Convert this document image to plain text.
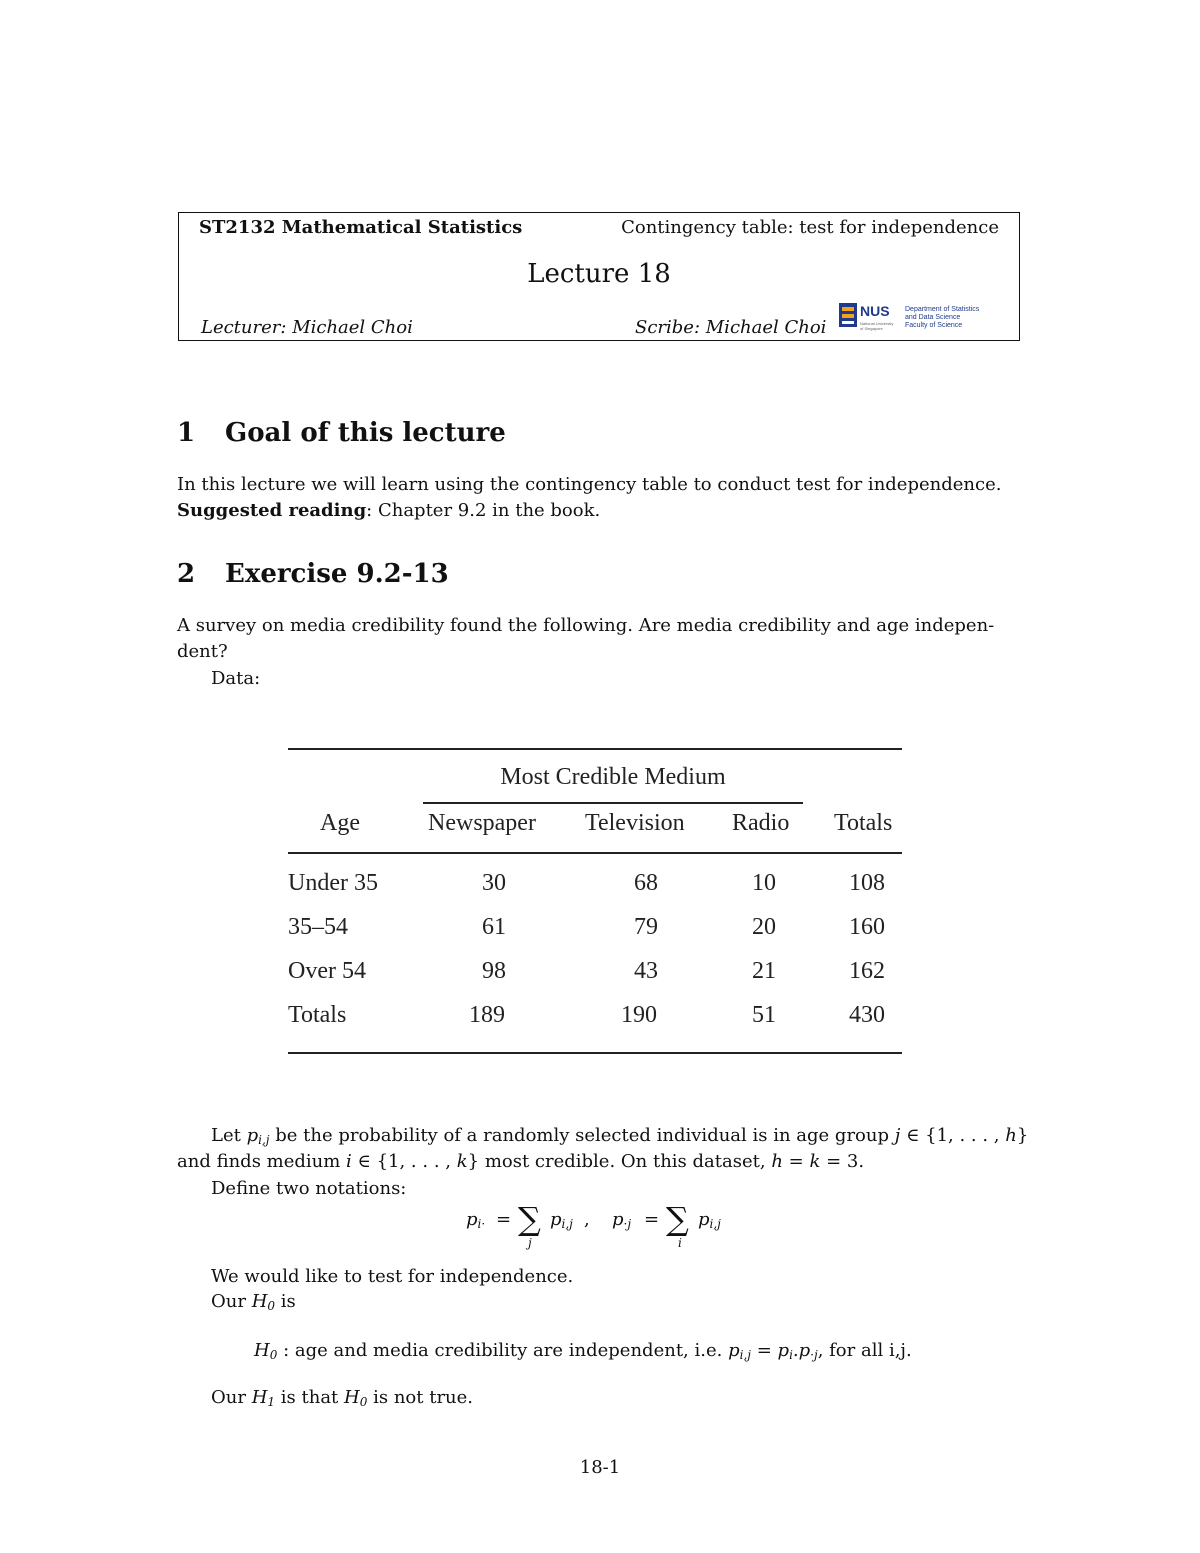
ST2132 Mathematical Statistics	Contingency table: test for independence
Lecture 18
Lecturer: Michael Choi	Scribe: Michael Choi
NUS
National University
of Singapore
Department of Statistics
and Data Science
Faculty of Science
1 Goal of this lecture
In this lecture we will learn using the contingency table to conduct test for independence.
Suggested reading: Chapter 9.2 in the book.
2 Exercise 9.2-13
A survey on media credibility found the following. Are media credibility and age indepen-
dent?
Data:
Most Credible Medium
Age	Newspaper Television Radio Totals
Under 35	30	68	10	108
35–54	61	79	20	160
Over 54	98	43	21	162
Totals	189	190	51	430
Let $p_{i,j}$ be the probability of a randomly selected individual is in age group j ∈ {1, . . . , h}
and finds medium i ∈ {1, . . . , k} most credible. On this dataset, h = k = 3.
Define two notations:
$p_{i\cdot}$ = ∑
j
$p_{i,j}$ , $p_{\cdot j}$ = ∑
i
$p_{i,j}$
We would like to test for independence.
Our $H_0$ is
$H_0$ : age and media credibility are independent, i.e. $p_{i,j} = p_i.p_{\cdot j}$, for all i,j.
Our $H_1$ is that $H_0$ is not true.
18-1
